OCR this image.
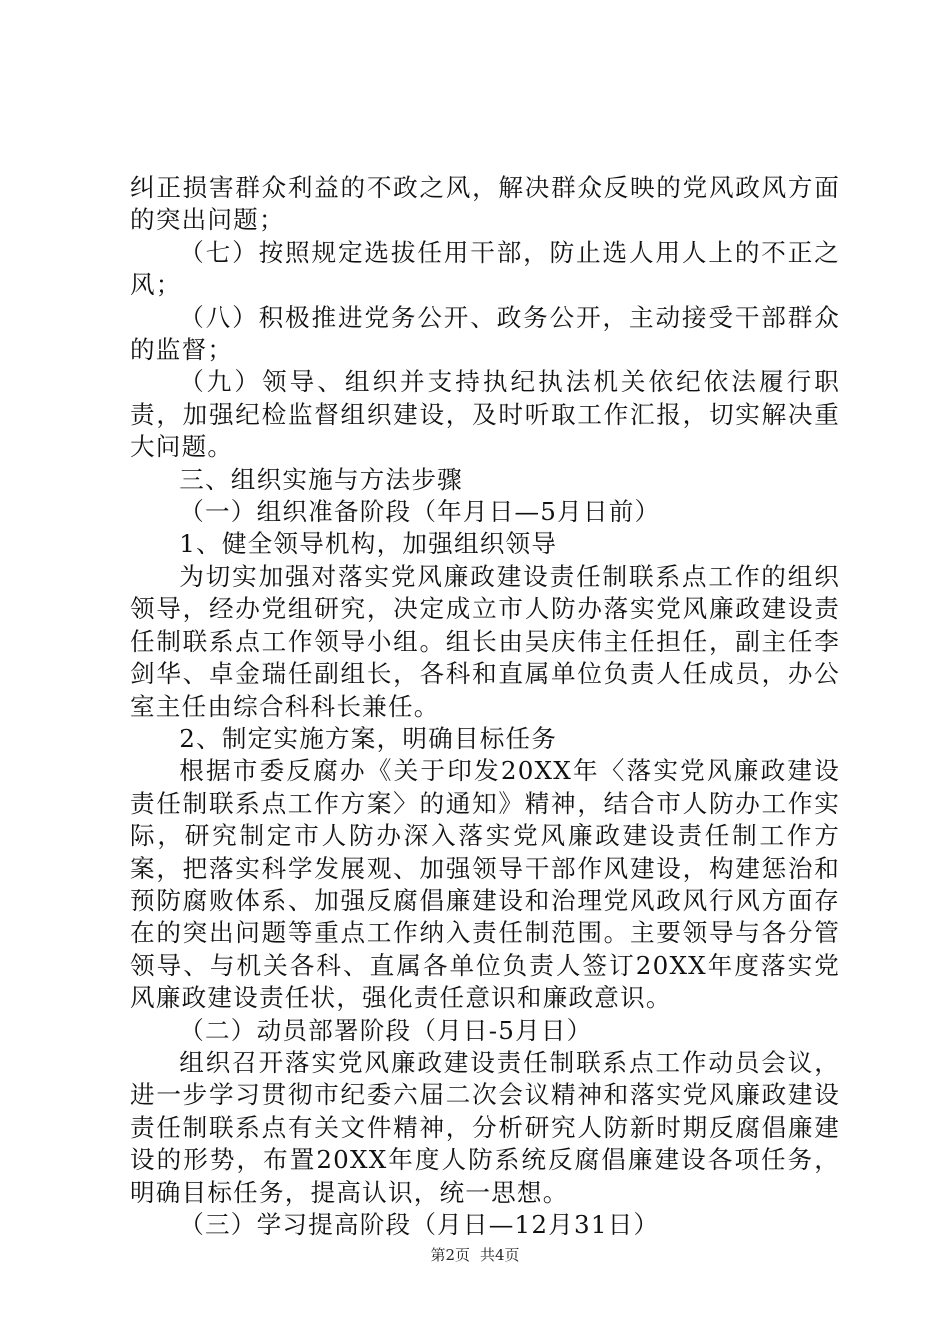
纠正损害群众利益的不政之风，解决群众反映的党风政风方面的突出问题；

（七）按照规定选拔任用干部，防止选人用人上的不正之风；

（八）积极推进党务公开、政务公开，主动接受干部群众的监督；

（九）领导、组织并支持执纪执法机关依纪依法履行职责，加强纪检监督组织建设，及时听取工作汇报，切实解决重大问题。

三、组织实施与方法步骤

（一）组织准备阶段（年月日—5月日前）

1、健全领导机构，加强组织领导

为切实加强对落实党风廉政建设责任制联系点工作的组织领导，经办党组研究，决定成立市人防办落实党风廉政建设责任制联系点工作领导小组。组长由吴庆伟主任担任，副主任李剑华、卓金瑞任副组长，各科和直属单位负责人任成员，办公室主任由综合科科长兼任。

2、制定实施方案，明确目标任务

根据市委反腐办《关于印发20XX年〈落实党风廉政建设责任制联系点工作方案〉的通知》精神，结合市人防办工作实际，研究制定市人防办深入落实党风廉政建设责任制工作方案，把落实科学发展观、加强领导干部作风建设，构建惩治和预防腐败体系、加强反腐倡廉建设和治理党风政风行风方面存在的突出问题等重点工作纳入责任制范围。主要领导与各分管领导、与机关各科、直属各单位负责人签订20XX年度落实党风廉政建设责任状，强化责任意识和廉政意识。

（二）动员部署阶段（月日-5月日）

组织召开落实党风廉政建设责任制联系点工作动员会议，进一步学习贯彻市纪委六届二次会议精神和落实党风廉政建设责任制联系点有关文件精神，分析研究人防新时期反腐倡廉建设的形势，布置20XX年度人防系统反腐倡廉建设各项任务，明确目标任务，提高认识，统一思想。

（三）学习提高阶段（月日—12月31日）

第2页 共4页
